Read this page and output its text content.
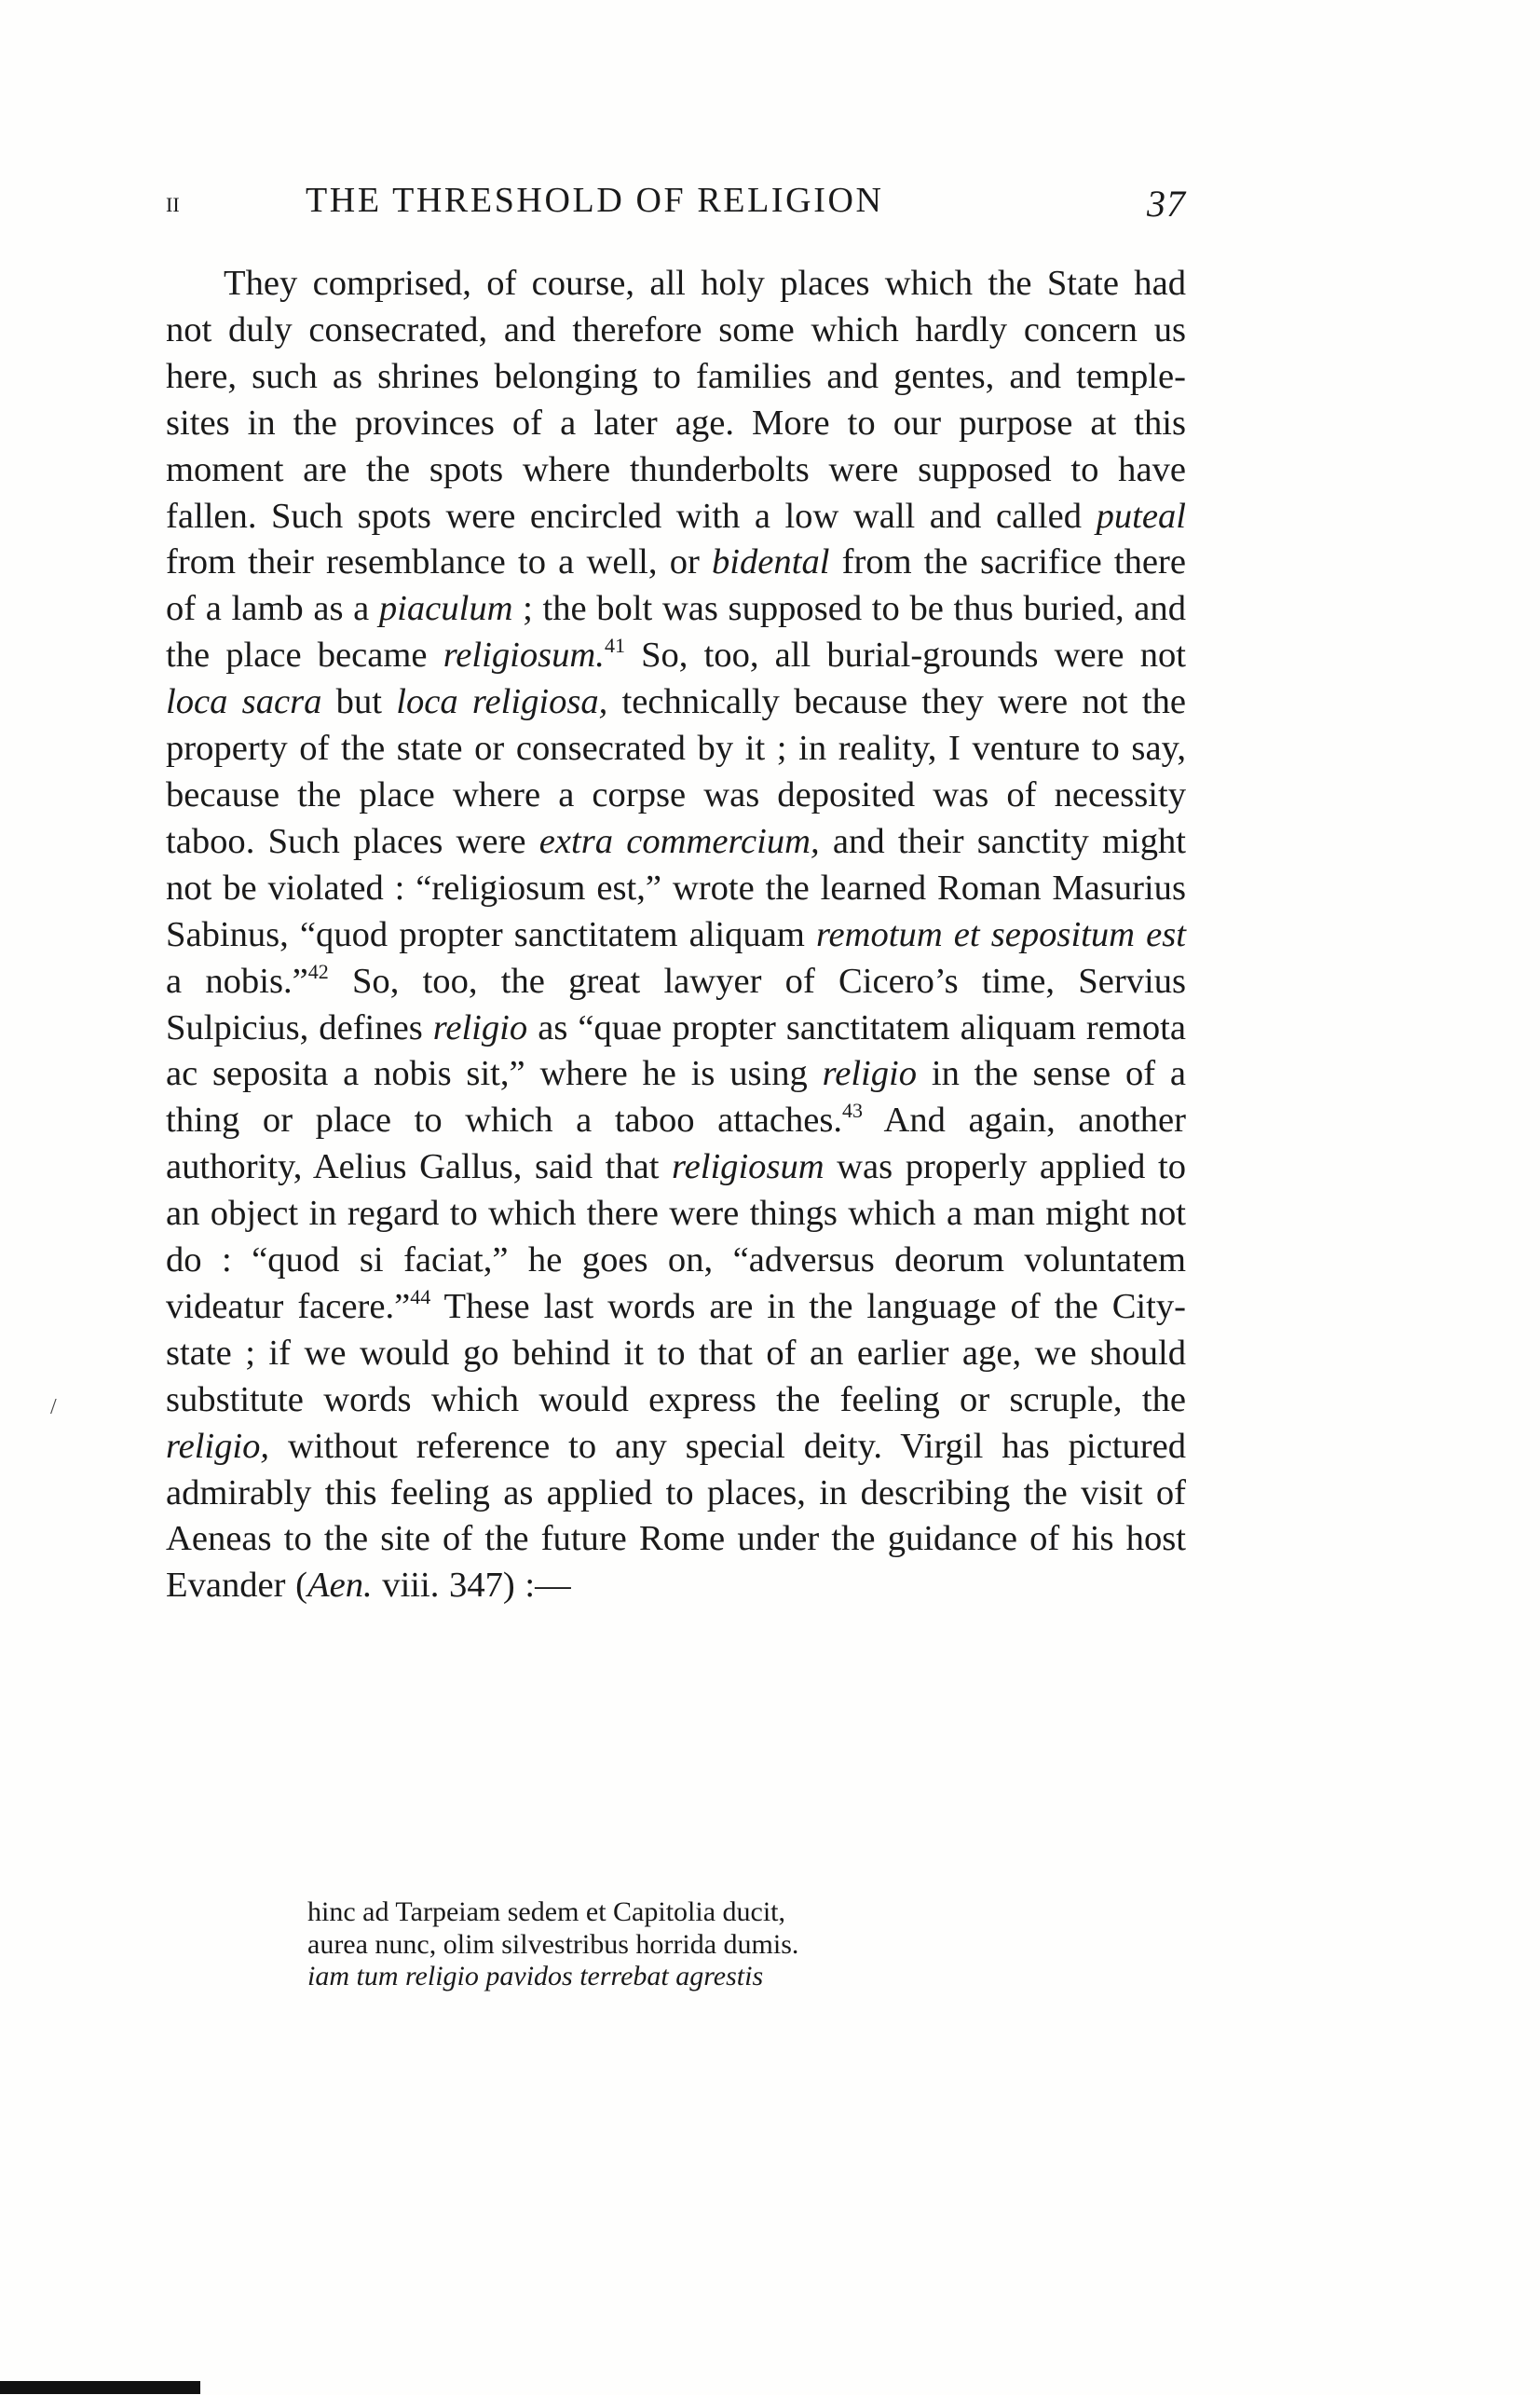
II	THE THRESHOLD OF RELIGION	37

They comprised, of course, all holy places which the State had not duly consecrated, and therefore some which hardly concern us here, such as shrines belonging to families and gentes, and temple-sites in the provinces of a later age. More to our purpose at this moment are the spots where thunderbolts were supposed to have fallen. Such spots were encircled with a low wall and called puteal from their resemblance to a well, or bidental from the sacrifice there of a lamb as a piaculum ; the bolt was supposed to be thus buried, and the place became religiosum.$^{41}$ So, too, all burial-grounds were not loca sacra but loca religiosa, technically because they were not the property of the state or consecrated by it ; in reality, I venture to say, because the place where a corpse was deposited was of necessity taboo. Such places were extra commercium, and their sanctity might not be violated : “religiosum est,” wrote the learned Roman Masurius Sabinus, “quod propter sanctitatem aliquam remotum et sepositum est a nobis.”$^{42}$ So, too, the great lawyer of Cicero’s time, Servius Sulpicius, defines religio as “quae propter sanctitatem aliquam remota ac seposita a nobis sit,” where he is using religio in the sense of a thing or place to which a taboo attaches.$^{43}$ And again, another authority, Aelius Gallus, said that religiosum was properly applied to an object in regard to which there were things which a man might not do : “quod si faciat,” he goes on, “adversus deorum voluntatem videatur facere.”$^{44}$ These last words are in the language of the City-state ; if we would go behind it to that of an earlier age, we should substitute words which would express the feeling or scruple, the religio, without reference to any special deity. Virgil has pictured admirably this feeling as applied to places, in describing the visit of Aeneas to the site of the future Rome under the guidance of his host Evander (Aen. viii. 347) :—

hinc ad Tarpeiam sedem et Capitolia ducit,
aurea nunc, olim silvestribus horrida dumis.
iam tum religio pavidos terrebat agrestis
/
